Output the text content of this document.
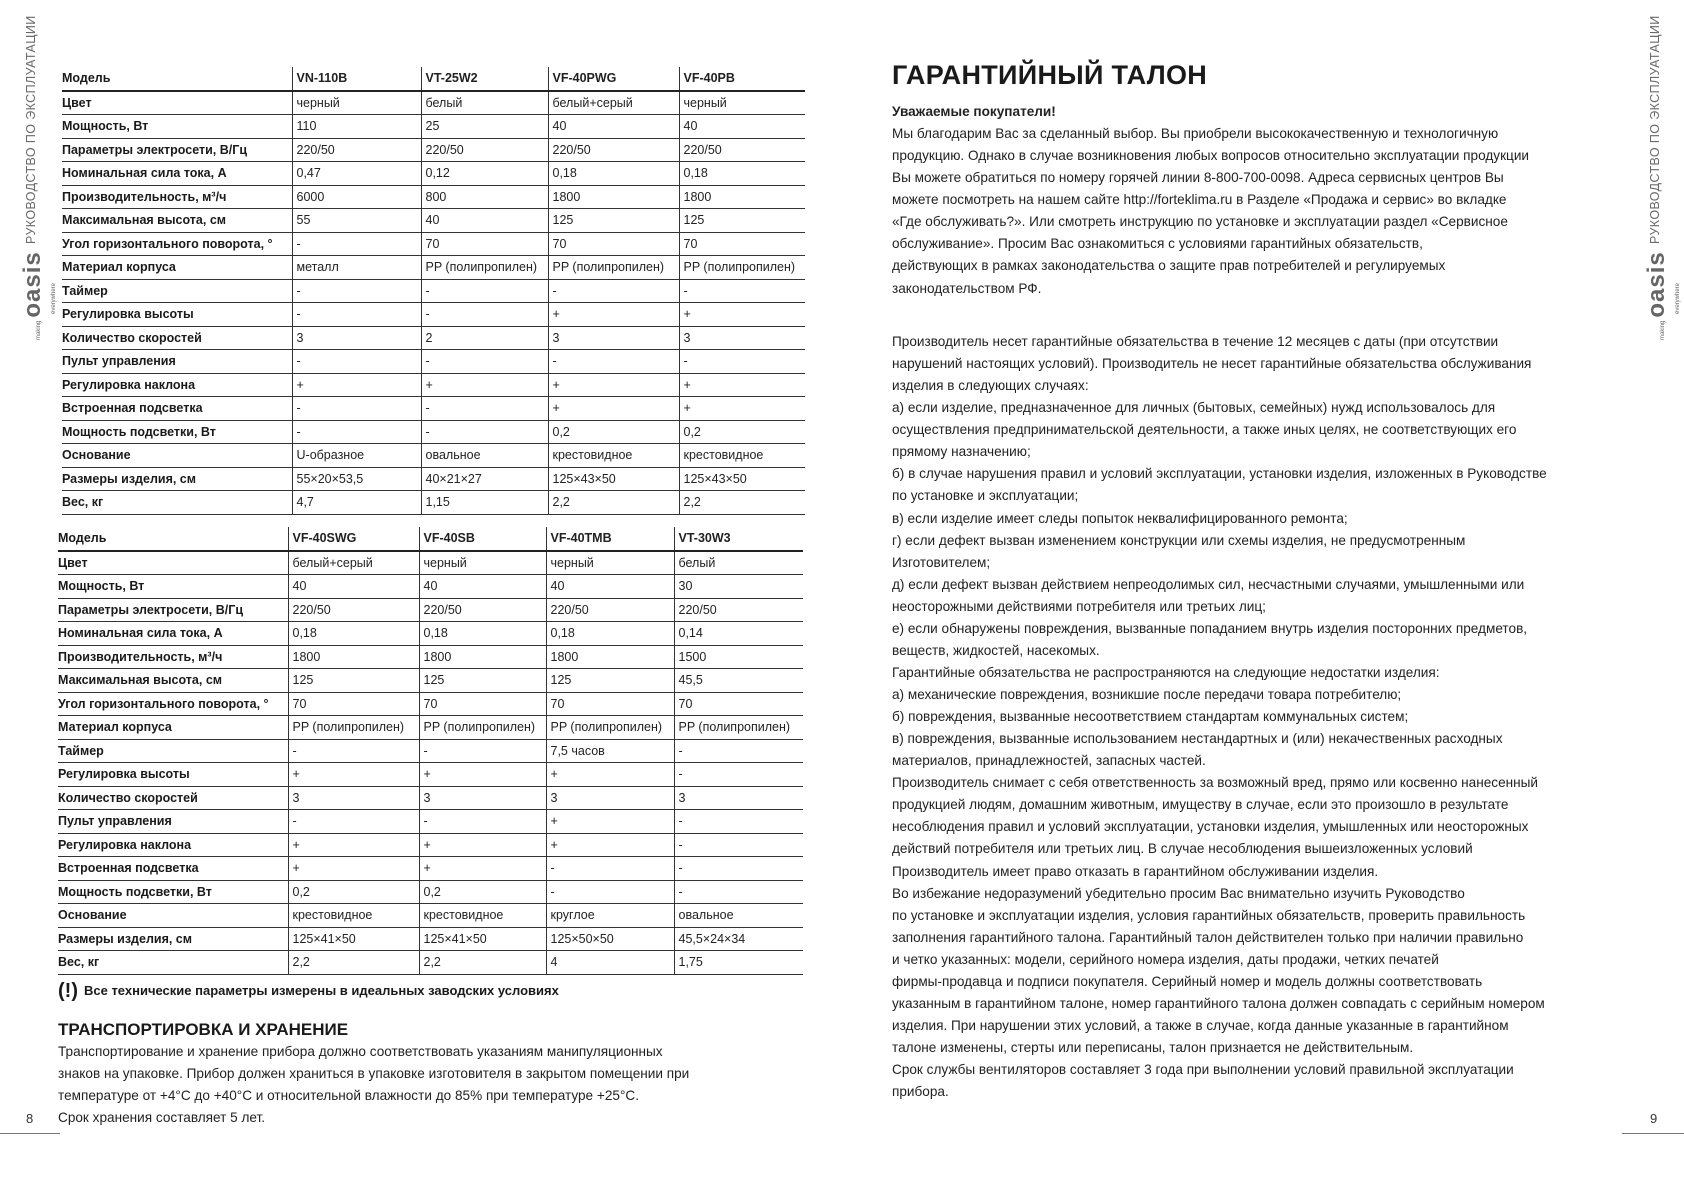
РУКОВОДСТВО ПО ЭКСПЛУАТАЦИИ
makingoasis everywhere
РУКОВОДСТВО ПО ЭКСПЛУАТАЦИИ
makingoasis everywhere
Модель	VN-110B	VT-25W2	VF-40PWG	VF-40PB
Цвет	черный	белый	белый+серый	черный
Мощность, Вт	110	25	40	40
Параметры электросети, В/Гц	220/50	220/50	220/50	220/50
Номинальная сила тока, А	0,47	0,12	0,18	0,18
Производительность, м³/ч	6000	800	1800	1800
Максимальная высота, см	55	40	125	125
Угол горизонтального поворота, °	-	70	70	70
Материал корпуса	металл	PP (полипропилен)	PP (полипропилен)	PP (полипропилен)
Таймер	-	-	-	-
Регулировка высоты	-	-	+	+
Количество скоростей	3	2	3	3
Пульт управления	-	-	-	-
Регулировка наклона	+	+	+	+
Встроенная подсветка	-	-	+	+
Мощность подсветки, Вт	-	-	0,2	0,2
Основание	U-образное	овальное	крестовидное	крестовидное
Размеры изделия, см	55×20×53,5	40×21×27	125×43×50	125×43×50
Вес, кг	4,7	1,15	2,2	2,2
Модель	VF-40SWG	VF-40SB	VF-40TMB	VT-30W3
Цвет	белый+серый	черный	черный	белый
Мощность, Вт	40	40	40	30
Параметры электросети, В/Гц	220/50	220/50	220/50	220/50
Номинальная сила тока, А	0,18	0,18	0,18	0,14
Производительность, м³/ч	1800	1800	1800	1500
Максимальная высота, см	125	125	125	45,5
Угол горизонтального поворота, °	70	70	70	70
Материал корпуса	PP (полипропилен)	PP (полипропилен)	PP (полипропилен)	PP (полипропилен)
Таймер	-	-	7,5 часов	-
Регулировка высоты	+	+	+	-
Количество скоростей	3	3	3	3
Пульт управления	-	-	+	-
Регулировка наклона	+	+	+	-
Встроенная подсветка	+	+	-	-
Мощность подсветки, Вт	0,2	0,2	-	-
Основание	крестовидное	крестовидное	круглое	овальное
Размеры изделия, см	125×41×50	125×41×50	125×50×50	45,5×24×34
Вес, кг	2,2	2,2	4	1,75
(!) Все технические параметры измерены в идеальных заводских условиях
ТРАНСПОРТИРОВКА И ХРАНЕНИЕ
Транспортирование и хранение прибора должно соответствовать указаниям манипуляционных
знаков на упаковке. Прибор должен храниться в упаковке изготовителя в закрытом помещении при
температуре от +4°C до +40°C и относительной влажности до 85% при температуре +25°C.
Срок хранения составляет 5 лет.
8
ГАРАНТИЙНЫЙ ТАЛОН
Уважаемые покупатели!
Мы благодарим Вас за сделанный выбор. Вы приобрели высококачественную и технологичную
продукцию. Однако в случае возникновения любых вопросов относительно эксплуатации продукции
Вы можете обратиться по номеру горячей линии 8-800-700-0098. Адреса сервисных центров Вы
можете посмотреть на нашем сайте http://forteklima.ru в Разделе «Продажа и сервис» во вкладке
«Где обслуживать?». Или смотреть инструкцию по установке и эксплуатации раздел «Сервисное
обслуживание». Просим Вас ознакомиться с условиями гарантийных обязательств,
действующих в рамках законодательства о защите прав потребителей и регулируемых
законодательством РФ.
Производитель несет гарантийные обязательства в течение 12 месяцев с даты (при отсутствии
нарушений настоящих условий). Производитель не несет гарантийные обязательства обслуживания
изделия в следующих случаях:
а) если изделие, предназначенное для личных (бытовых, семейных) нужд использовалось для
осуществления предпринимательской деятельности, а также иных целях, не соответствующих его
прямому назначению;
б) в случае нарушения правил и условий эксплуатации, установки изделия, изложенных в Руководстве
по установке и эксплуатации;
в) если изделие имеет следы попыток неквалифицированного ремонта;
г) если дефект вызван изменением конструкции или схемы изделия, не предусмотренным
Изготовителем;
д) если дефект вызван действием непреодолимых сил, несчастными случаями, умышленными или
неосторожными действиями потребителя или третьих лиц;
е) если обнаружены повреждения, вызванные попаданием внутрь изделия посторонних предметов,
веществ, жидкостей, насекомых.
Гарантийные обязательства не распространяются на следующие недостатки изделия:
а) механические повреждения, возникшие после передачи товара потребителю;
б) повреждения, вызванные несоответствием стандартам коммунальных систем;
в) повреждения, вызванные использованием нестандартных и (или) некачественных расходных
материалов, принадлежностей, запасных частей.
Производитель снимает с себя ответственность за возможный вред, прямо или косвенно нанесенный
продукцией людям, домашним животным, имуществу в случае, если это произошло в результате
несоблюдения правил и условий эксплуатации, установки изделия, умышленных или неосторожных
действий потребителя или третьих лиц. В случае несоблюдения вышеизложенных условий
Производитель имеет право отказать в гарантийном обслуживании изделия.
Во избежание недоразумений убедительно просим Вас внимательно изучить Руководство
по установке и эксплуатации изделия, условия гарантийных обязательств, проверить правильность
заполнения гарантийного талона. Гарантийный талон действителен только при наличии правильно
и четко указанных: модели, серийного номера изделия, даты продажи, четких печатей
фирмы-продавца и подписи покупателя. Серийный номер и модель должны соответствовать
указанным в гарантийном талоне, номер гарантийного талона должен совпадать с серийным номером
изделия. При нарушении этих условий, а также в случае, когда данные указанные в гарантийном
талоне изменены, стерты или переписаны, талон признается не действительным.
Срок службы вентиляторов составляет 3 года при выполнении условий правильной эксплуатации
прибора.
9
